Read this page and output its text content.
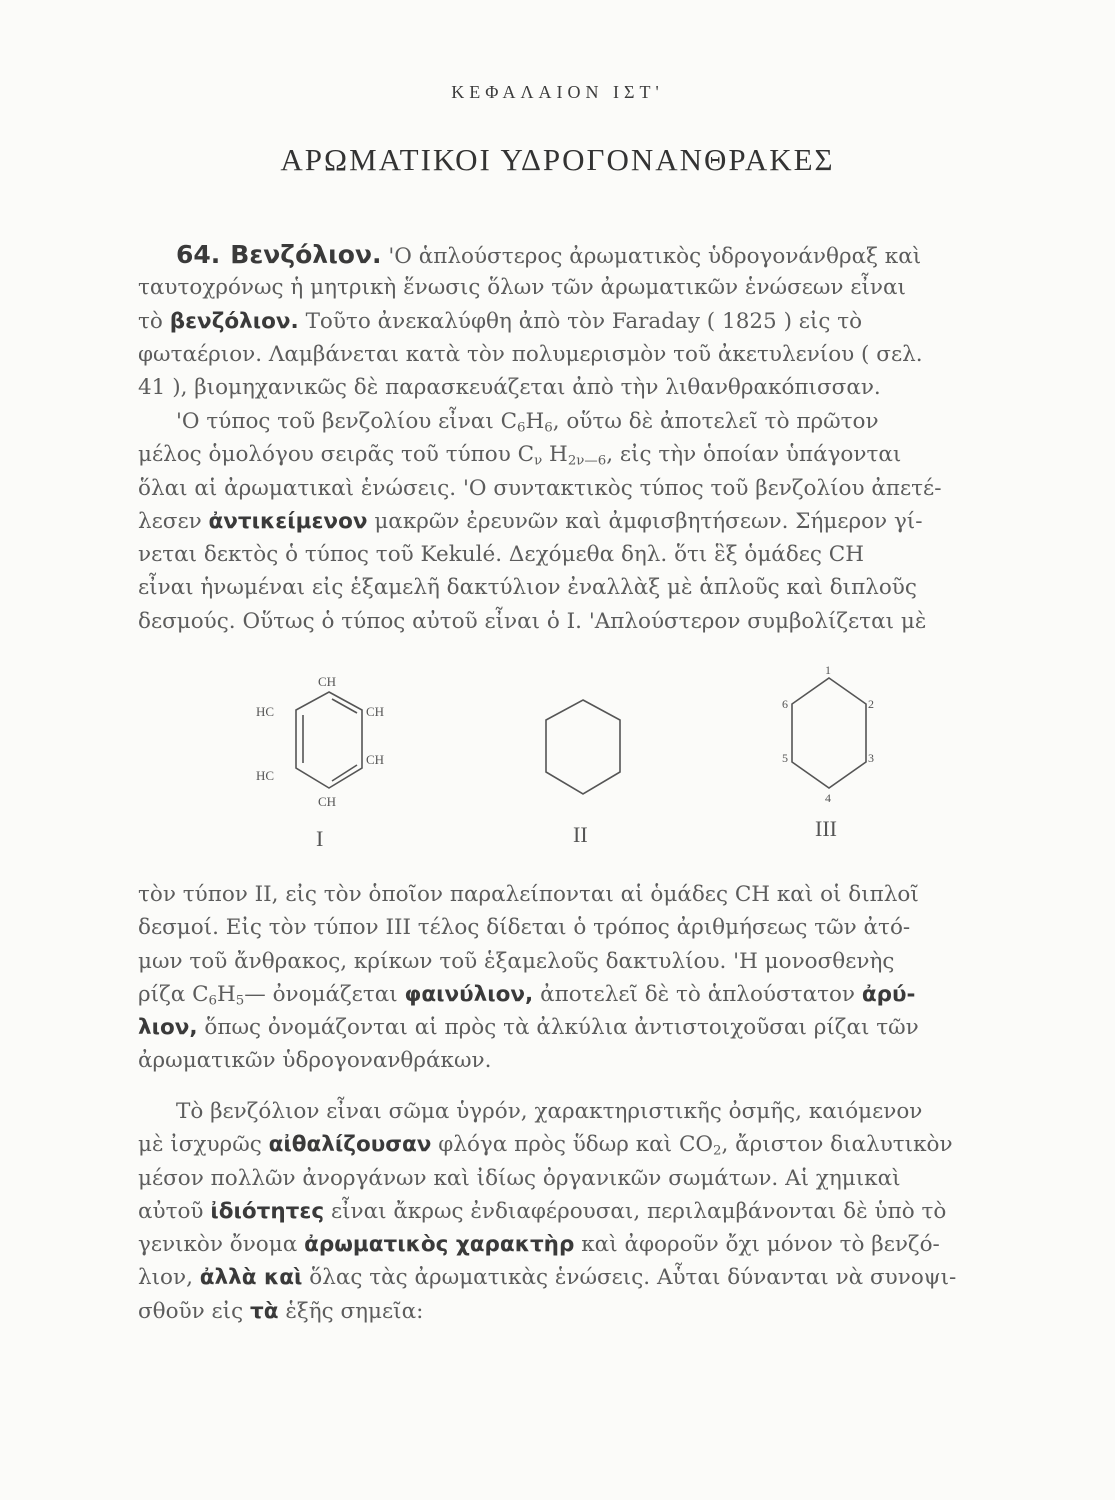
ΚΕΦΑΛΑΙΟΝ ΙΣΤ'
ΑΡΩΜΑΤΙΚΟΙ ΥΔΡΟΓΟΝΑΝΘΡΑΚΕΣ
64. Βενζόλιον. 'Ο ἁπλούστερος ἀρωματικὸς ὑδρογονάνθραξ καὶ
ταυτοχρόνως ἡ μητρικὴ ἕνωσις ὅλων τῶν ἀρωματικῶν ἑνώσεων εἶναι
τὸ βενζόλιον. Τοῦτο ἀνεκαλύφθη ἀπὸ τὸν Faraday ( 1825 ) εἰς τὸ
φωταέριον. Λαμβάνεται κατὰ τὸν πολυμερισμὸν τοῦ ἀκετυλενίου ( σελ.
41 ), βιομηχανικῶς δὲ παρασκευάζεται ἀπὸ τὴν λιθανθρακόπισσαν.
'Ο τύπος τοῦ βενζολίου εἶναι $C_6H_6$, οὕτω δὲ ἀποτελεῖ τὸ πρῶτον
μέλος ὁμολόγου σειρᾶς τοῦ τύπου $C_\nu$ $H_{2\nu—6}$, εἰς τὴν ὁποίαν ὑπάγονται
ὅλαι αἱ ἀρωματικαὶ ἑνώσεις. 'Ο συντακτικὸς τύπος τοῦ βενζολίου ἀπετέ-
λεσεν ἀντικείμενον μακρῶν ἐρευνῶν καὶ ἀμφισβητήσεων. Σήμερον γί-
νεται δεκτὸς ὁ τύπος τοῦ Kekulé. Δεχόμεθα δηλ. ὅτι ἓξ ὁμάδες CH
εἶναι ἡνωμέναι εἰς ἑξαμελῆ δακτύλιον ἐναλλὰξ μὲ ἁπλοῦς καὶ διπλοῦς
δεσμούς. Οὕτως ὁ τύπος αὐτοῦ εἶναι ὁ I. 'Απλούστερον συμβολίζεται μὲ
CH
HC	CH
HC
CH
CH
I	II
1
2
3
4
5
6
III
τὸν τύπον II, εἰς τὸν ὁποῖον παραλείπονται αἱ ὁμάδες CH καὶ οἱ διπλοῖ
δεσμοί. Εἰς τὸν τύπον III τέλος δίδεται ὁ τρόπος ἀριθμήσεως τῶν ἀτό-
μων τοῦ ἄνθρακος, κρίκων τοῦ ἑξαμελοῦς δακτυλίου. 'Η μονοσθενὴς
ρίζα $C_6H_5—$ ὀνομάζεται φαινύλιον, ἀποτελεῖ δὲ τὸ ἁπλούστατον ἀρύ-
λιον, ὅπως ὀνομάζονται αἱ πρὸς τὰ ἀλκύλια ἀντιστοιχοῦσαι ρίζαι τῶν
ἀρωματικῶν ὑδρογονανθράκων.
Τὸ βενζόλιον εἶναι σῶμα ὑγρόν, χαρακτηριστικῆς ὀσμῆς, καιόμενον
μὲ ἰσχυρῶς αἰθαλίζουσαν φλόγα πρὸς ὕδωρ καὶ $CO_2$, ἄριστον διαλυτικὸν
μέσον πολλῶν ἀνοργάνων καὶ ἰδίως ὀργανικῶν σωμάτων. Αἱ χημικαὶ
αὐτοῦ ἰδιότητες εἶναι ἄκρως ἐνδιαφέρουσαι, περιλαμβάνονται δὲ ὑπὸ τὸ
γενικὸν ὄνομα ἀρωματικὸς χαρακτὴρ καὶ ἀφοροῦν ὄχι μόνον τὸ βενζό-
λιον, ἀλλὰ καὶ ὅλας τὰς ἀρωματικὰς ἑνώσεις. Αὗται δύνανται νὰ συνοψι-
σθοῦν εἰς τὰ ἑξῆς σημεῖα:
